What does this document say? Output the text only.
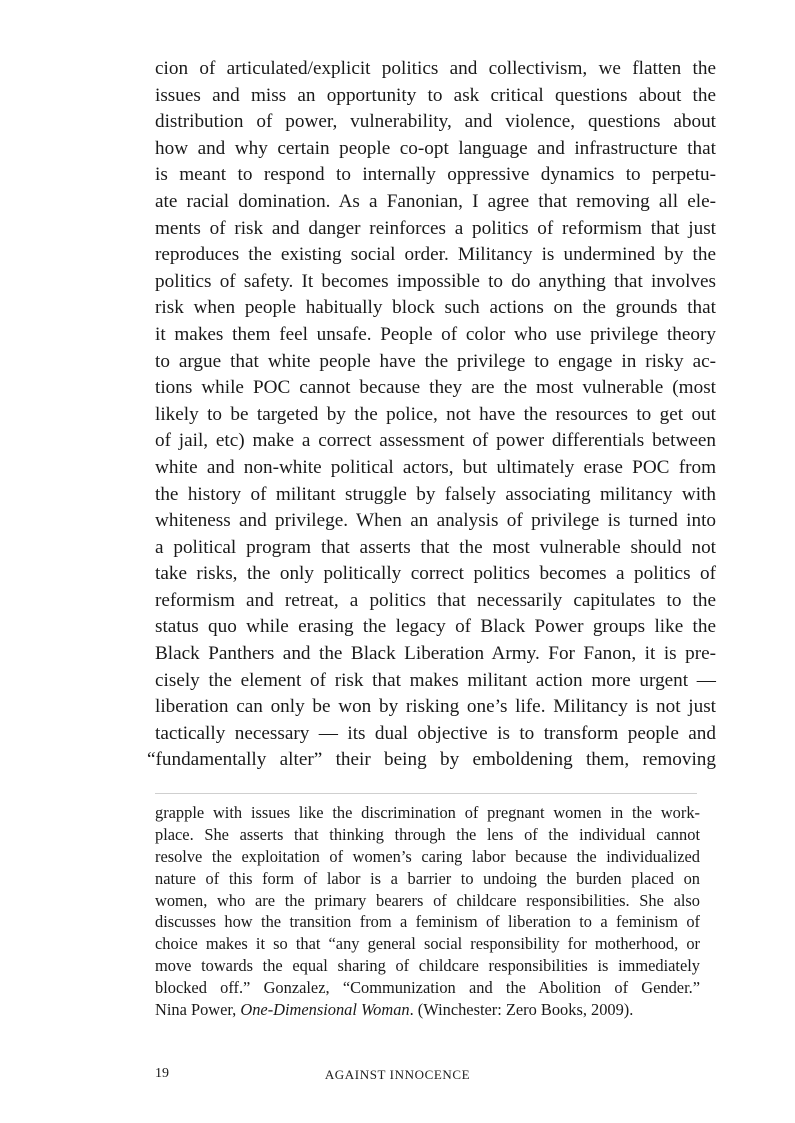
cion of articulated/explicit politics and collectivism, we flatten the
issues and miss an opportunity to ask critical questions about the
distribution of power, vulnerability, and violence, questions about
how and why certain people co-opt language and infrastructure that
is meant to respond to internally oppressive dynamics to perpetu-
ate racial domination. As a Fanonian, I agree that removing all ele-
ments of risk and danger reinforces a politics of reformism that just
reproduces the existing social order. Militancy is undermined by the
politics of safety. It becomes impossible to do anything that involves
risk when people habitually block such actions on the grounds that
it makes them feel unsafe. People of color who use privilege theory
to argue that white people have the privilege to engage in risky ac-
tions while POC cannot because they are the most vulnerable (most
likely to be targeted by the police, not have the resources to get out
of jail, etc) make a correct assessment of power differentials between
white and non-white political actors, but ultimately erase POC from
the history of militant struggle by falsely associating militancy with
whiteness and privilege. When an analysis of privilege is turned into
a political program that asserts that the most vulnerable should not
take risks, the only politically correct politics becomes a politics of
reformism and retreat, a politics that necessarily capitulates to the
status quo while erasing the legacy of Black Power groups like the
Black Panthers and the Black Liberation Army. For Fanon, it is pre-
cisely the element of risk that makes militant action more urgent —
liberation can only be won by risking one’s life. Militancy is not just
tactically necessary — its dual objective is to transform people and
“fundamentally alter” their being by emboldening them, removing
grapple with issues like the discrimination of pregnant women in the work-
place. She asserts that thinking through the lens of the individual cannot
resolve the exploitation of women’s caring labor because the individualized
nature of this form of labor is a barrier to undoing the burden placed on
women, who are the primary bearers of childcare responsibilities. She also
discusses how the transition from a feminism of liberation to a feminism of
choice makes it so that “any general social responsibility for motherhood, or
move towards the equal sharing of childcare responsibilities is immediately
blocked off.” Gonzalez, “Communization and the Abolition of Gender.”
Nina Power, One-Dimensional Woman. (Winchester: Zero Books, 2009).
19	AGAINST INNOCENCE
